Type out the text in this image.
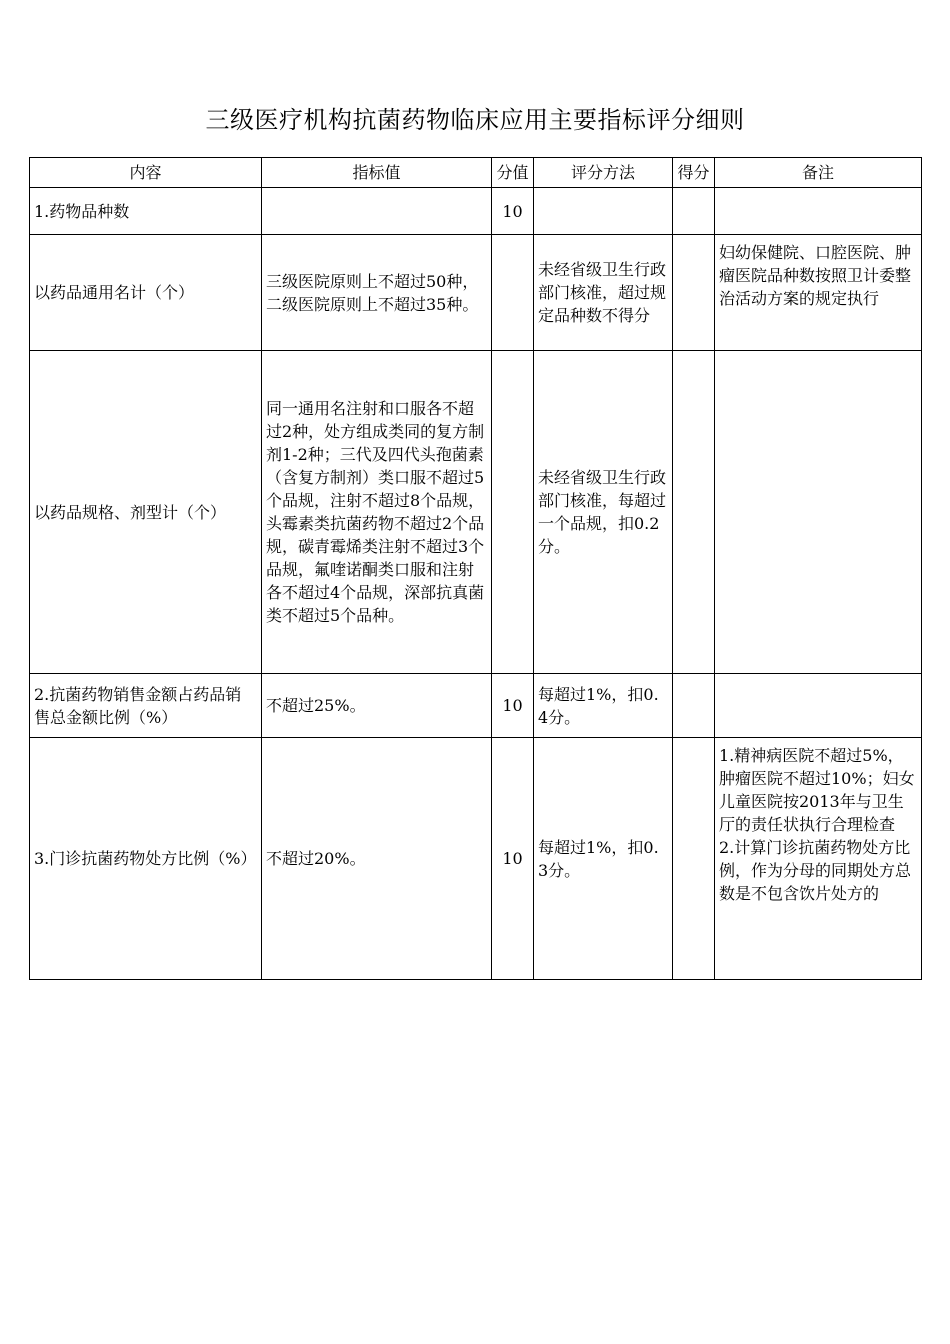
三级医疗机构抗菌药物临床应用主要指标评分细则
内容	指标值	分值	评分方法	得分	备注
1.药物品种数		10			
以药品通用名计（个）	三级医院原则上不超过50种，二级医院原则上不超过35种。		未经省级卫生行政部门核准，超过规定品种数不得分		妇幼保健院、口腔医院、肿瘤医院品种数按照卫计委整治活动方案的规定执行
以药品规格、剂型计（个）	同一通用名注射和口服各不超过2种，处方组成类同的复方制剂1-2种；三代及四代头孢菌素（含复方制剂）类口服不超过5个品规，注射不超过8个品规，头霉素类抗菌药物不超过2个品规，碳青霉烯类注射不超过3个品规，氟喹诺酮类口服和注射各不超过4个品规，深部抗真菌类不超过5个品种。		未经省级卫生行政部门核准，每超过一个品规，扣0.2分。		
2.抗菌药物销售金额占药品销售总金额比例（%）	不超过25%。	10	每超过1%，扣0.4分。		
3.门诊抗菌药物处方比例（%）	不超过20%。	10	每超过1%，扣0.3分。		1.精神病医院不超过5%，肿瘤医院不超过10%；妇女儿童医院按2013年与卫生厅的责任状执行合理检查
2.计算门诊抗菌药物处方比例，作为分母的同期处方总数是不包含饮片处方的
